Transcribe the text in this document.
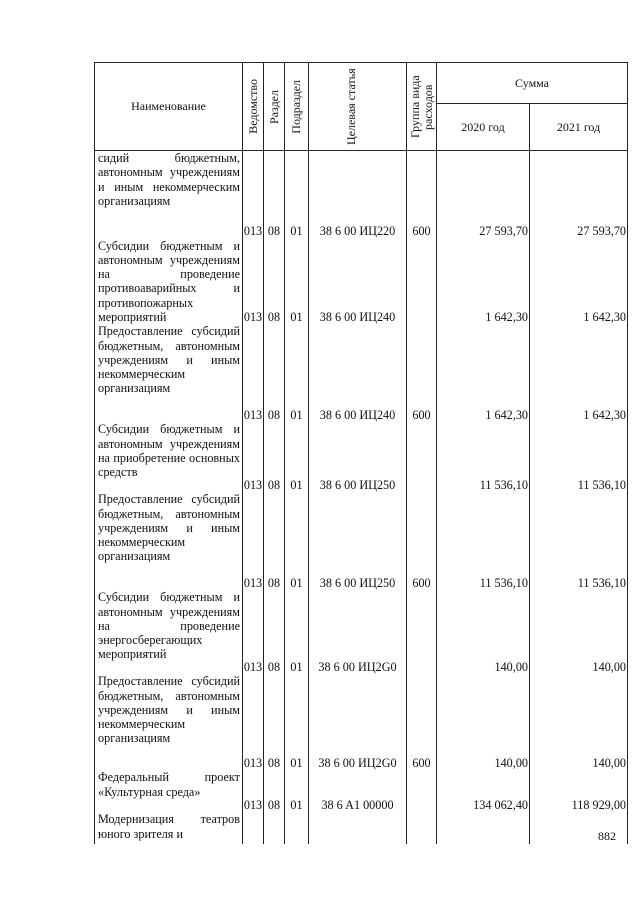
Наименование	Ведомство	Раздел	Подраздел	Целевая статья	Группа вида расходов	Сумма	
						2020 год	2021 год

сидий бюджетным, автономным учреждениям и иным некоммерческим организациям	013	08	01	38 6 00 ИЦ220	600	27 593,70	27 593,70

Субсидии бюджетным и автономным учреждениям на проведение противоаварийных и противопожарных мероприятий	013	08	01	38 6 00 ИЦ240		1 642,30	1 642,30

Предоставление субсидий бюджетным, автономным учреждениям и иным некоммерческим организациям	013	08	01	38 6 00 ИЦ240	600	1 642,30	1 642,30

Субсидии бюджетным и автономным учреждениям на приобретение основных средств	013	08	01	38 6 00 ИЦ250		11 536,10	11 536,10

Предоставление субсидий бюджетным, автономным учреждениям и иным некоммерческим организациям	013	08	01	38 6 00 ИЦ250	600	11 536,10	11 536,10

Субсидии бюджетным и автономным учреждениям на проведение энергосберегающих мероприятий	013	08	01	38 6 00 ИЦ2G0		140,00	140,00

Предоставление субсидий бюджетным, автономным учреждениям и иным некоммерческим организациям	013	08	01	38 6 00 ИЦ2G0	600	140,00	140,00

Федеральный проект «Культурная среда»	013	08	01	38 6 A1 00000		134 062,40	118 929,00

Модернизация театров юного зрителя и							
								882
